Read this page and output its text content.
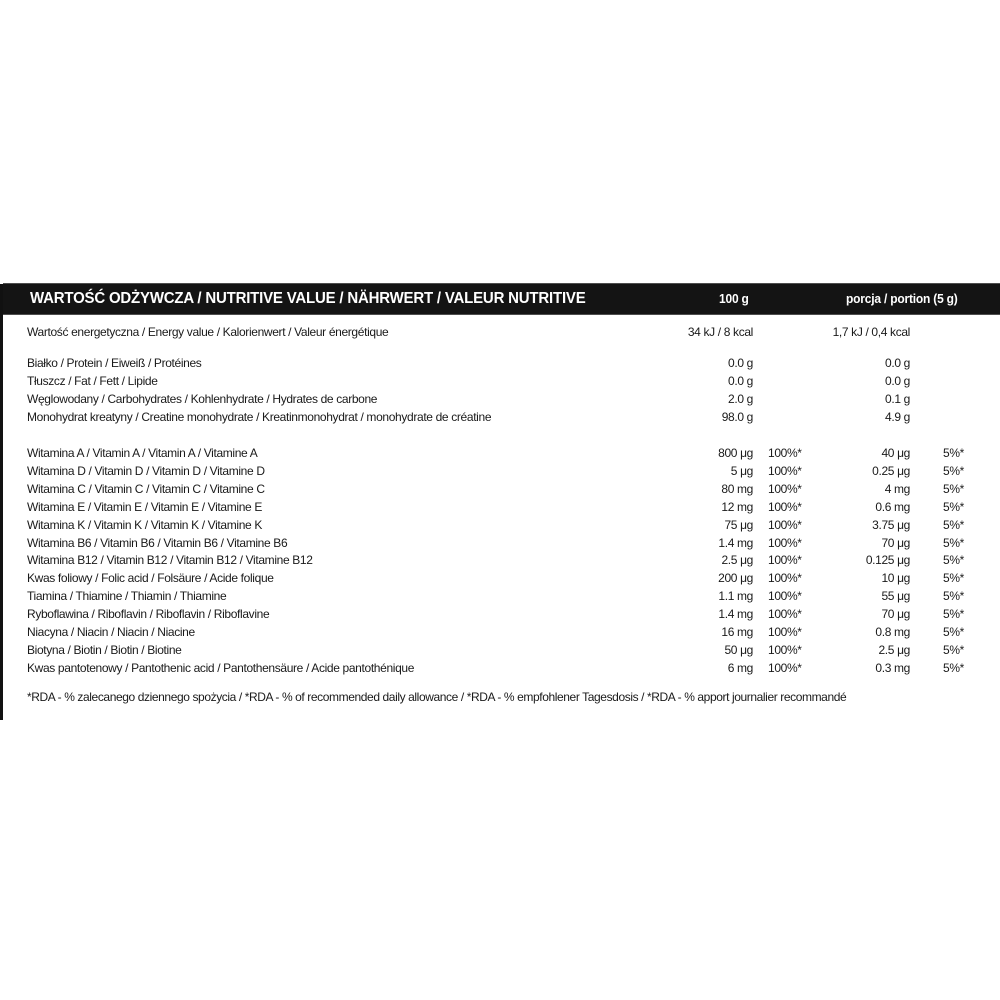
WARTOŚĆ ODŻYWCZA / NUTRITIVE VALUE / NÄHRWERT / VALEUR NUTRITIVE	100 g	porcja / portion (5 g)
Wartość energetyczna / Energy value / Kalorienwert / Valeur énergétique	34 kJ / 8 kcal	1,7 kJ / 0,4 kcal
Białko / Protein / Eiweiß / Protéines	0.0 g	0.0 g
Tłuszcz / Fat / Fett / Lipide	0.0 g	0.0 g
Węglowodany / Carbohydrates / Kohlenhydrate / Hydrates de carbone	2.0 g	0.1 g
Monohydrat kreatyny / Creatine monohydrate / Kreatinmonohydrat / monohydrate de créatine	98.0 g	4.9 g
Witamina A / Vitamin A / Vitamin A / Vitamine A	800 μg 100%*	40 μg	5%*
Witamina D / Vitamin D / Vitamin D / Vitamine D	5 μg 100%*	0.25 μg	5%*
Witamina C / Vitamin C / Vitamin C / Vitamine C	80 mg 100%*	4 mg	5%*
Witamina E / Vitamin E / Vitamin E / Vitamine E	12 mg 100%*	0.6 mg	5%*
Witamina K / Vitamin K / Vitamin K / Vitamine K	75 μg 100%*	3.75 μg	5%*
Witamina B6 / Vitamin B6 / Vitamin B6 / Vitamine B6	1.4 mg 100%*	70 μg	5%*
Witamina B12 / Vitamin B12 / Vitamin B12 / Vitamine B12	2.5 μg 100%*	0.125 μg	5%*
Kwas foliowy / Folic acid / Folsäure / Acide folique	200 μg 100%*	10 μg	5%*
Tiamina / Thiamine / Thiamin / Thiamine	1.1 mg 100%*	55 μg	5%*
Ryboflawina / Riboflavin / Riboflavin / Riboflavine	1.4 mg 100%*	70 μg	5%*
Niacyna / Niacin / Niacin / Niacine	16 mg 100%*	0.8 mg	5%*
Biotyna / Biotin / Biotin / Biotine	50 μg 100%*	2.5 μg	5%*
Kwas pantotenowy / Pantothenic acid / Pantothensäure / Acide pantothénique	6 mg 100%*	0.3 mg	5%*
*RDA - % zalecanego dziennego spożycia / *RDA - % of recommended daily allowance / *RDA - % empfohlener Tagesdosis / *RDA - % apport journalier recommandé
